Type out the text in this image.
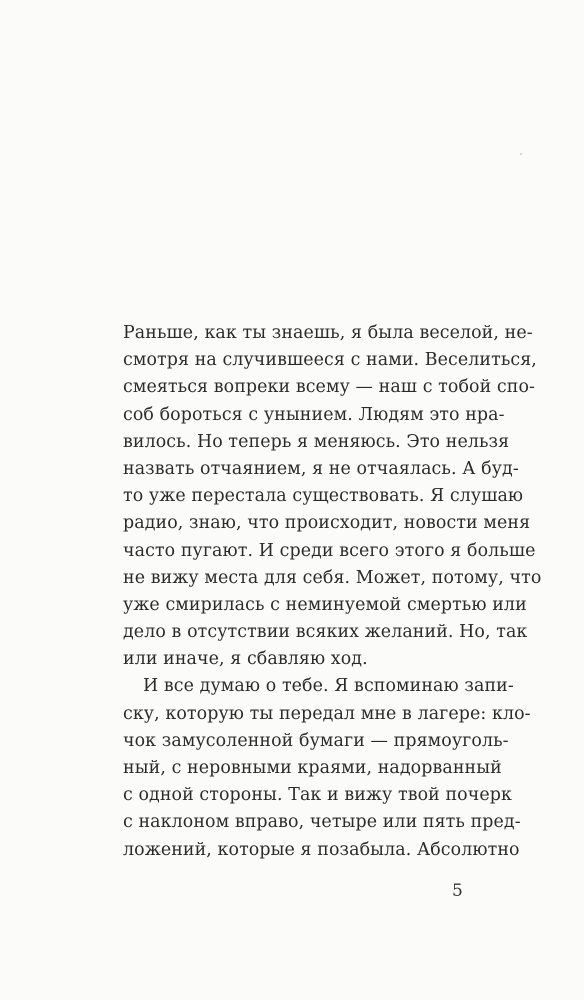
Раньше, как ты знаешь, я была веселой, не-
смотря на случившееся с нами. Веселиться,
смеяться вопреки всему — наш с тобой спо-
соб бороться с унынием. Людям это нра-
вилось. Но теперь я меняюсь. Это нельзя
назвать отчаянием, я не отчаялась. А буд-
то уже перестала существовать. Я слушаю
радио, знаю, что происходит, новости меня
часто пугают. И среди всего этого я больше
не вижу места для себя. Может, потому, что
уже смирилась с неминуемой смертью или
дело в отсутствии всяких желаний. Но, так
или иначе, я сбавляю ход.
И все думаю о тебе. Я вспоминаю запи-
ску, которую ты передал мне в лагере: кло-
чок замусоленной бумаги — прямоуголь-
ный, с неровными краями, надорванный
с одной стороны. Так и вижу твой почерк
с наклоном вправо, четыре или пять пред-
ложений, которые я позабыла. Абсолютно
5
